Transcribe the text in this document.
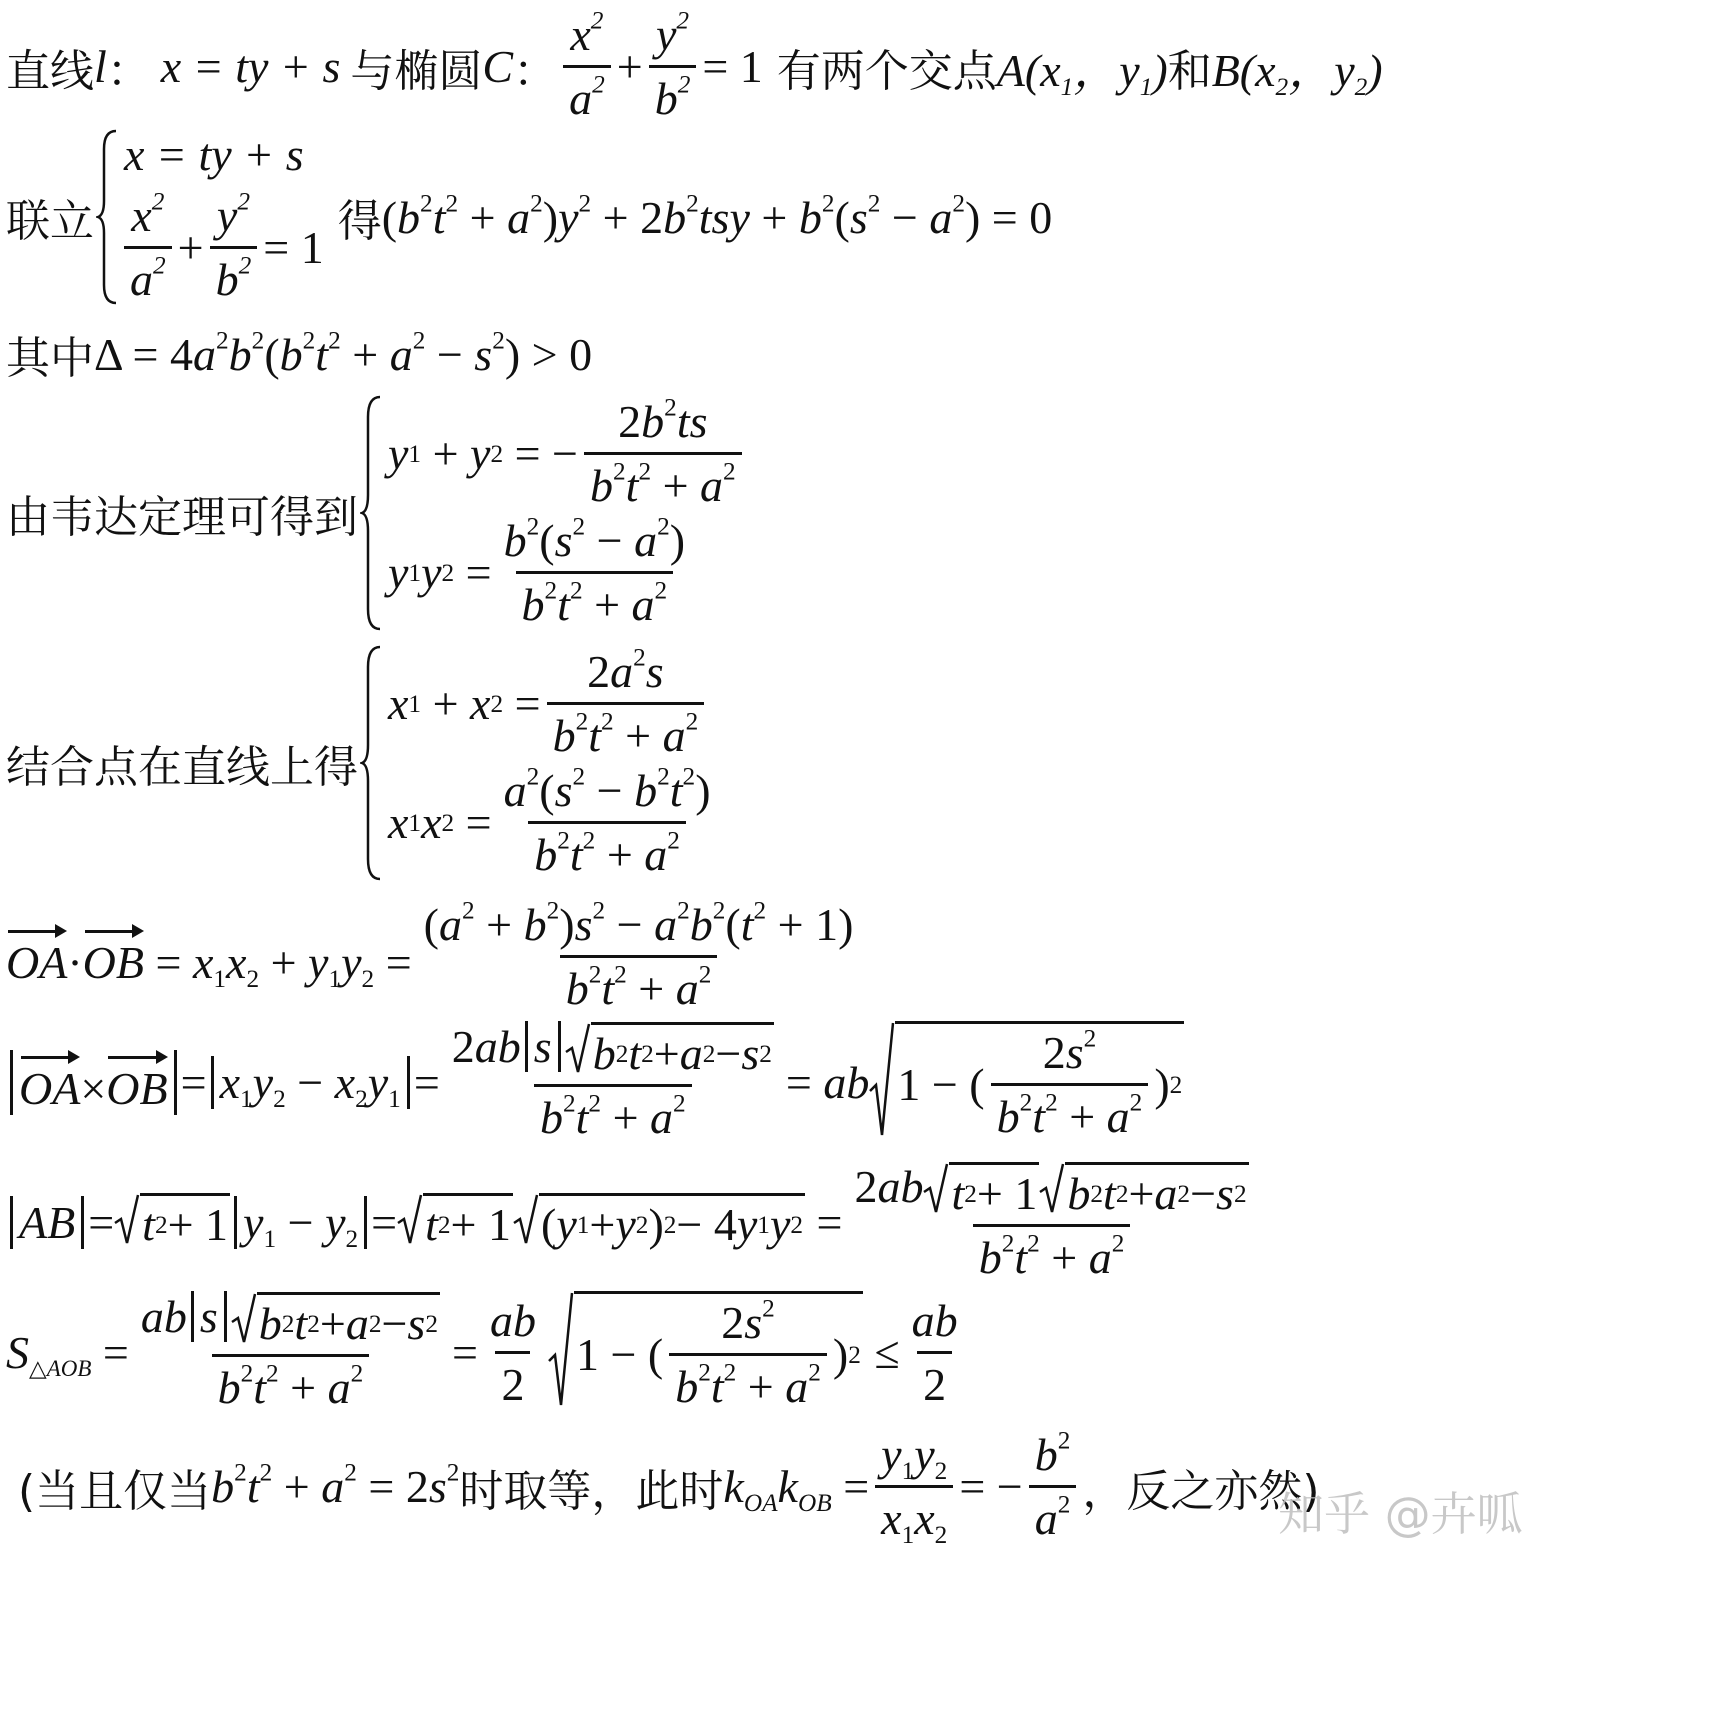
直线 l ： x = ty + s 与椭圆 C ： $\frac{x^2}{a^2} + \frac{y^2}{b^2} = 1$ 有两个交点 $A(x_1$，$y_1$) 和 $B(x_2$，$y_2$)
联立
x = ty + s
$\frac{x^2}{a^2} + \frac{y^2}{b^2} = 1$
得 $(b^2t^2 + a^2)y^2 + 2b^2tsy + b^2(s^2 - a^2) = 0$
其中 $\Delta = 4a^2b^2(b^2t^2 + a^2 - s^2) > 0$
由韦达定理可得到
y 1 + y 2 = − $\frac{2b^2ts}{b^2t^2 + a^2}$
y 1 y $2 = \frac{b^2(s^2 - a^2)}{b^2t^2 + a^2}$
结合点在直线上得
x 1 + x $2 = \frac{2a^2s}{b^2t^2 + a^2}$
x 1 x $2 = \frac{a^2(s^2 - b^2t^2)}{b^2t^2 + a^2}$
$OA\cdot OB = x_1x_2 + y_1y_2 = \frac{(a^2 + b^2)s^2 - a^2b^2(t^2 + 1)}{b^2t^2 + a^2}$
$OA\times OB = x_1y_2 - x_2y_1 = \frac{\text{2ab s b 2 t 2 + a 2 − s 2}}{b^2t^2 + a^2}$ = ab 1 − ( $\frac{2s^2}{b^2t^2 + a^2}$ ) 2
AB = t 2 + 1 $y_1 - y_2 = t$ 2 + 1 ( y 1 + y 2 ) 2 − 4 y 1 y $2 = \frac{\text{2ab t 2 + 1 b 2 t 2 + a 2 − s 2}}{b^2t^2 + a^2}$
$S_{\triangle AOB} = \frac{\text{ab s b 2 t 2 + a 2 − s 2}}{b^2t^2 + a^2} = \frac{ab}{2} 1$ − ( $\frac{2s^2}{b^2t^2 + a^2}$ ) $2 \le \frac{ab}{2}$
(当且仅当 $b^2t^2 + a^2 = 2s^2$ 时取等，此时 $k_{OA}k_{OB} = \frac{y_1y_2}{x_1x_2}$ = − $\frac{b^2}{a^2}$ ，反之亦然)
知乎 @卉呱
